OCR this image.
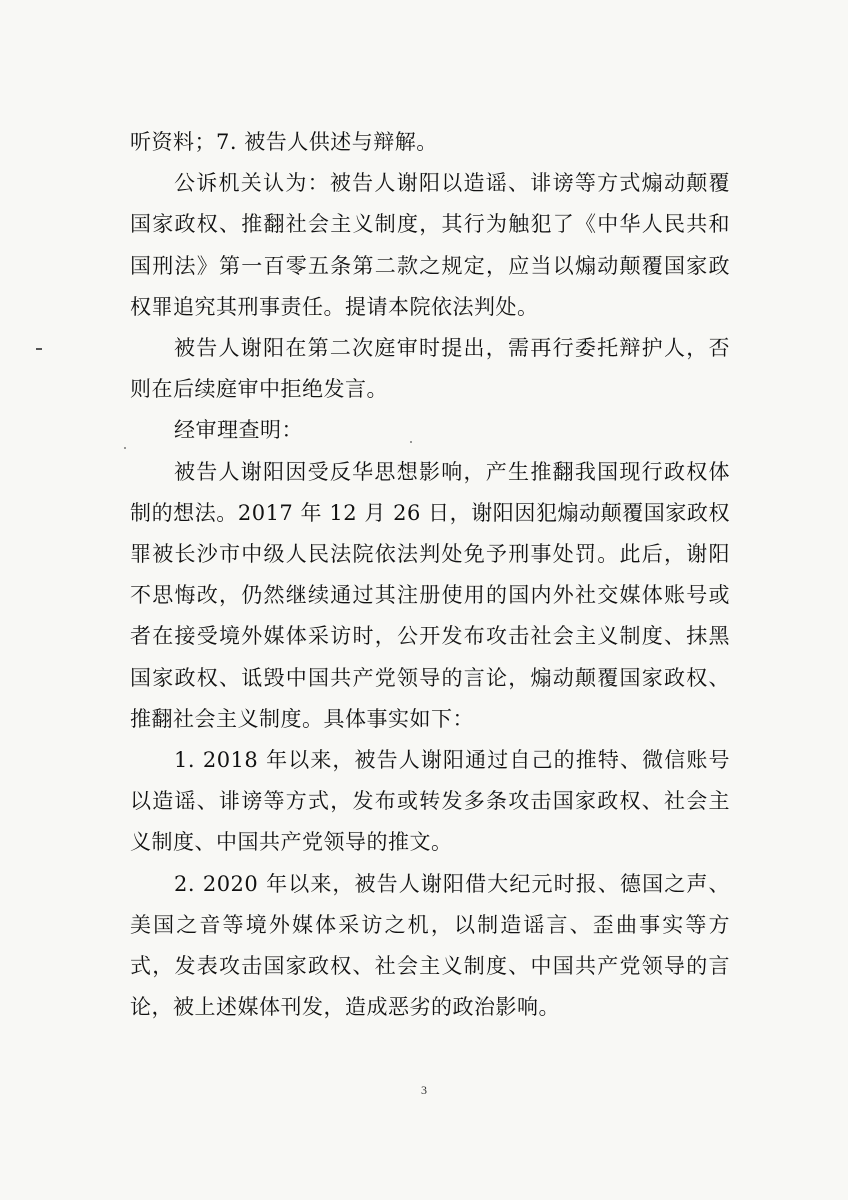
听资料；7. 被告人供述与辩解。

公诉机关认为：被告人谢阳以造谣、诽谤等方式煽动颠覆国家政权、推翻社会主义制度，其行为触犯了《中华人民共和国刑法》第一百零五条第二款之规定，应当以煽动颠覆国家政权罪追究其刑事责任。提请本院依法判处。

被告人谢阳在第二次庭审时提出，需再行委托辩护人，否则在后续庭审中拒绝发言。

经审理查明：

被告人谢阳因受反华思想影响，产生推翻我国现行政权体制的想法。2017 年 12 月 26 日，谢阳因犯煽动颠覆国家政权罪被长沙市中级人民法院依法判处免予刑事处罚。此后，谢阳不思悔改，仍然继续通过其注册使用的国内外社交媒体账号或者在接受境外媒体采访时，公开发布攻击社会主义制度、抹黑国家政权、诋毁中国共产党领导的言论，煽动颠覆国家政权、推翻社会主义制度。具体事实如下：

1. 2018 年以来，被告人谢阳通过自己的推特、微信账号以造谣、诽谤等方式，发布或转发多条攻击国家政权、社会主义制度、中国共产党领导的推文。

2. 2020 年以来，被告人谢阳借大纪元时报、德国之声、美国之音等境外媒体采访之机，以制造谣言、歪曲事实等方式，发表攻击国家政权、社会主义制度、中国共产党领导的言论，被上述媒体刊发，造成恶劣的政治影响。

3
